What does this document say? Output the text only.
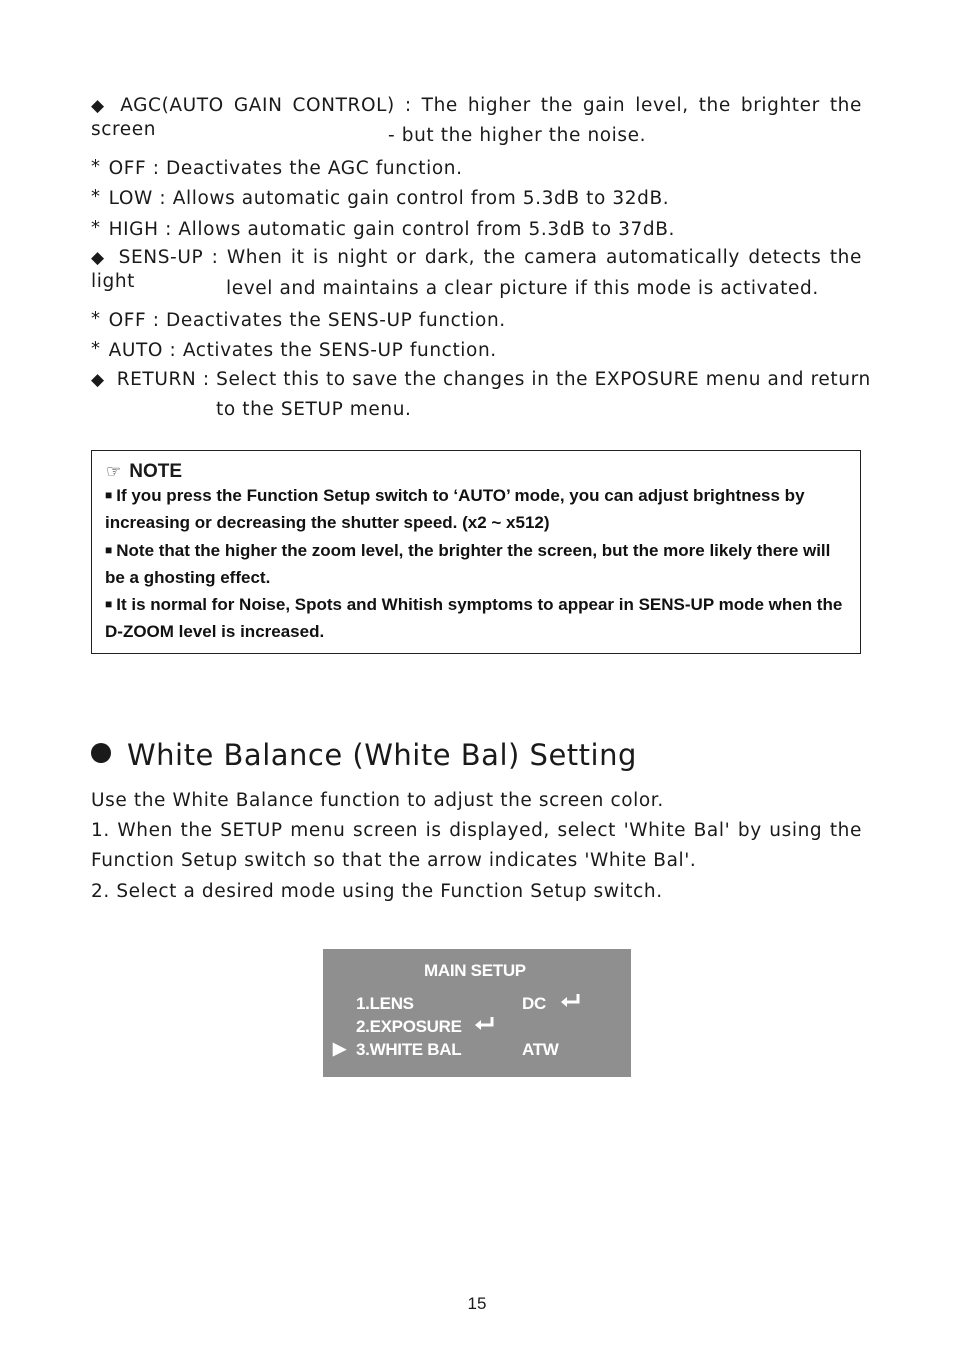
◆ AGC(AUTO GAIN CONTROL) : The higher the gain level, the brighter the screen	- but the higher the noise.
* OFF : Deactivates the AGC function.
* LOW : Allows automatic gain control from 5.3dB to 32dB.
* HIGH : Allows automatic gain control from 5.3dB to 37dB.
◆ SENS-UP : When it is night or dark, the camera automatically detects the light	level and maintains a clear picture if this mode is activated.
* OFF : Deactivates the SENS-UP function.
* AUTO : Activates the SENS-UP function.
◆ RETURN : Select this to save the changes in the EXPOSURE menu and return
to the SETUP menu.
☞ NOTE
■ If you press the Function Setup switch to ‘AUTO’ mode, you can adjust brightness by increasing or decreasing the shutter speed. (x2 ~ x512)
■ Note that the higher the zoom level, the brighter the screen, but the more likely there will be a ghosting effect.
■ It is normal for Noise, Spots and Whitish symptoms to appear in SENS-UP mode when the D-ZOOM level is increased.
White Balance (White Bal) Setting
Use the White Balance function to adjust the screen color.
1. When the SETUP menu screen is displayed, select 'White Bal' by using the
Function Setup switch so that the arrow indicates 'White Bal'.
2. Select a desired mode using the Function Setup switch.
MAIN SETUP
1.LENS	DC
2.EXPOSURE
▶ 3.WHITE BAL	ATW
15
